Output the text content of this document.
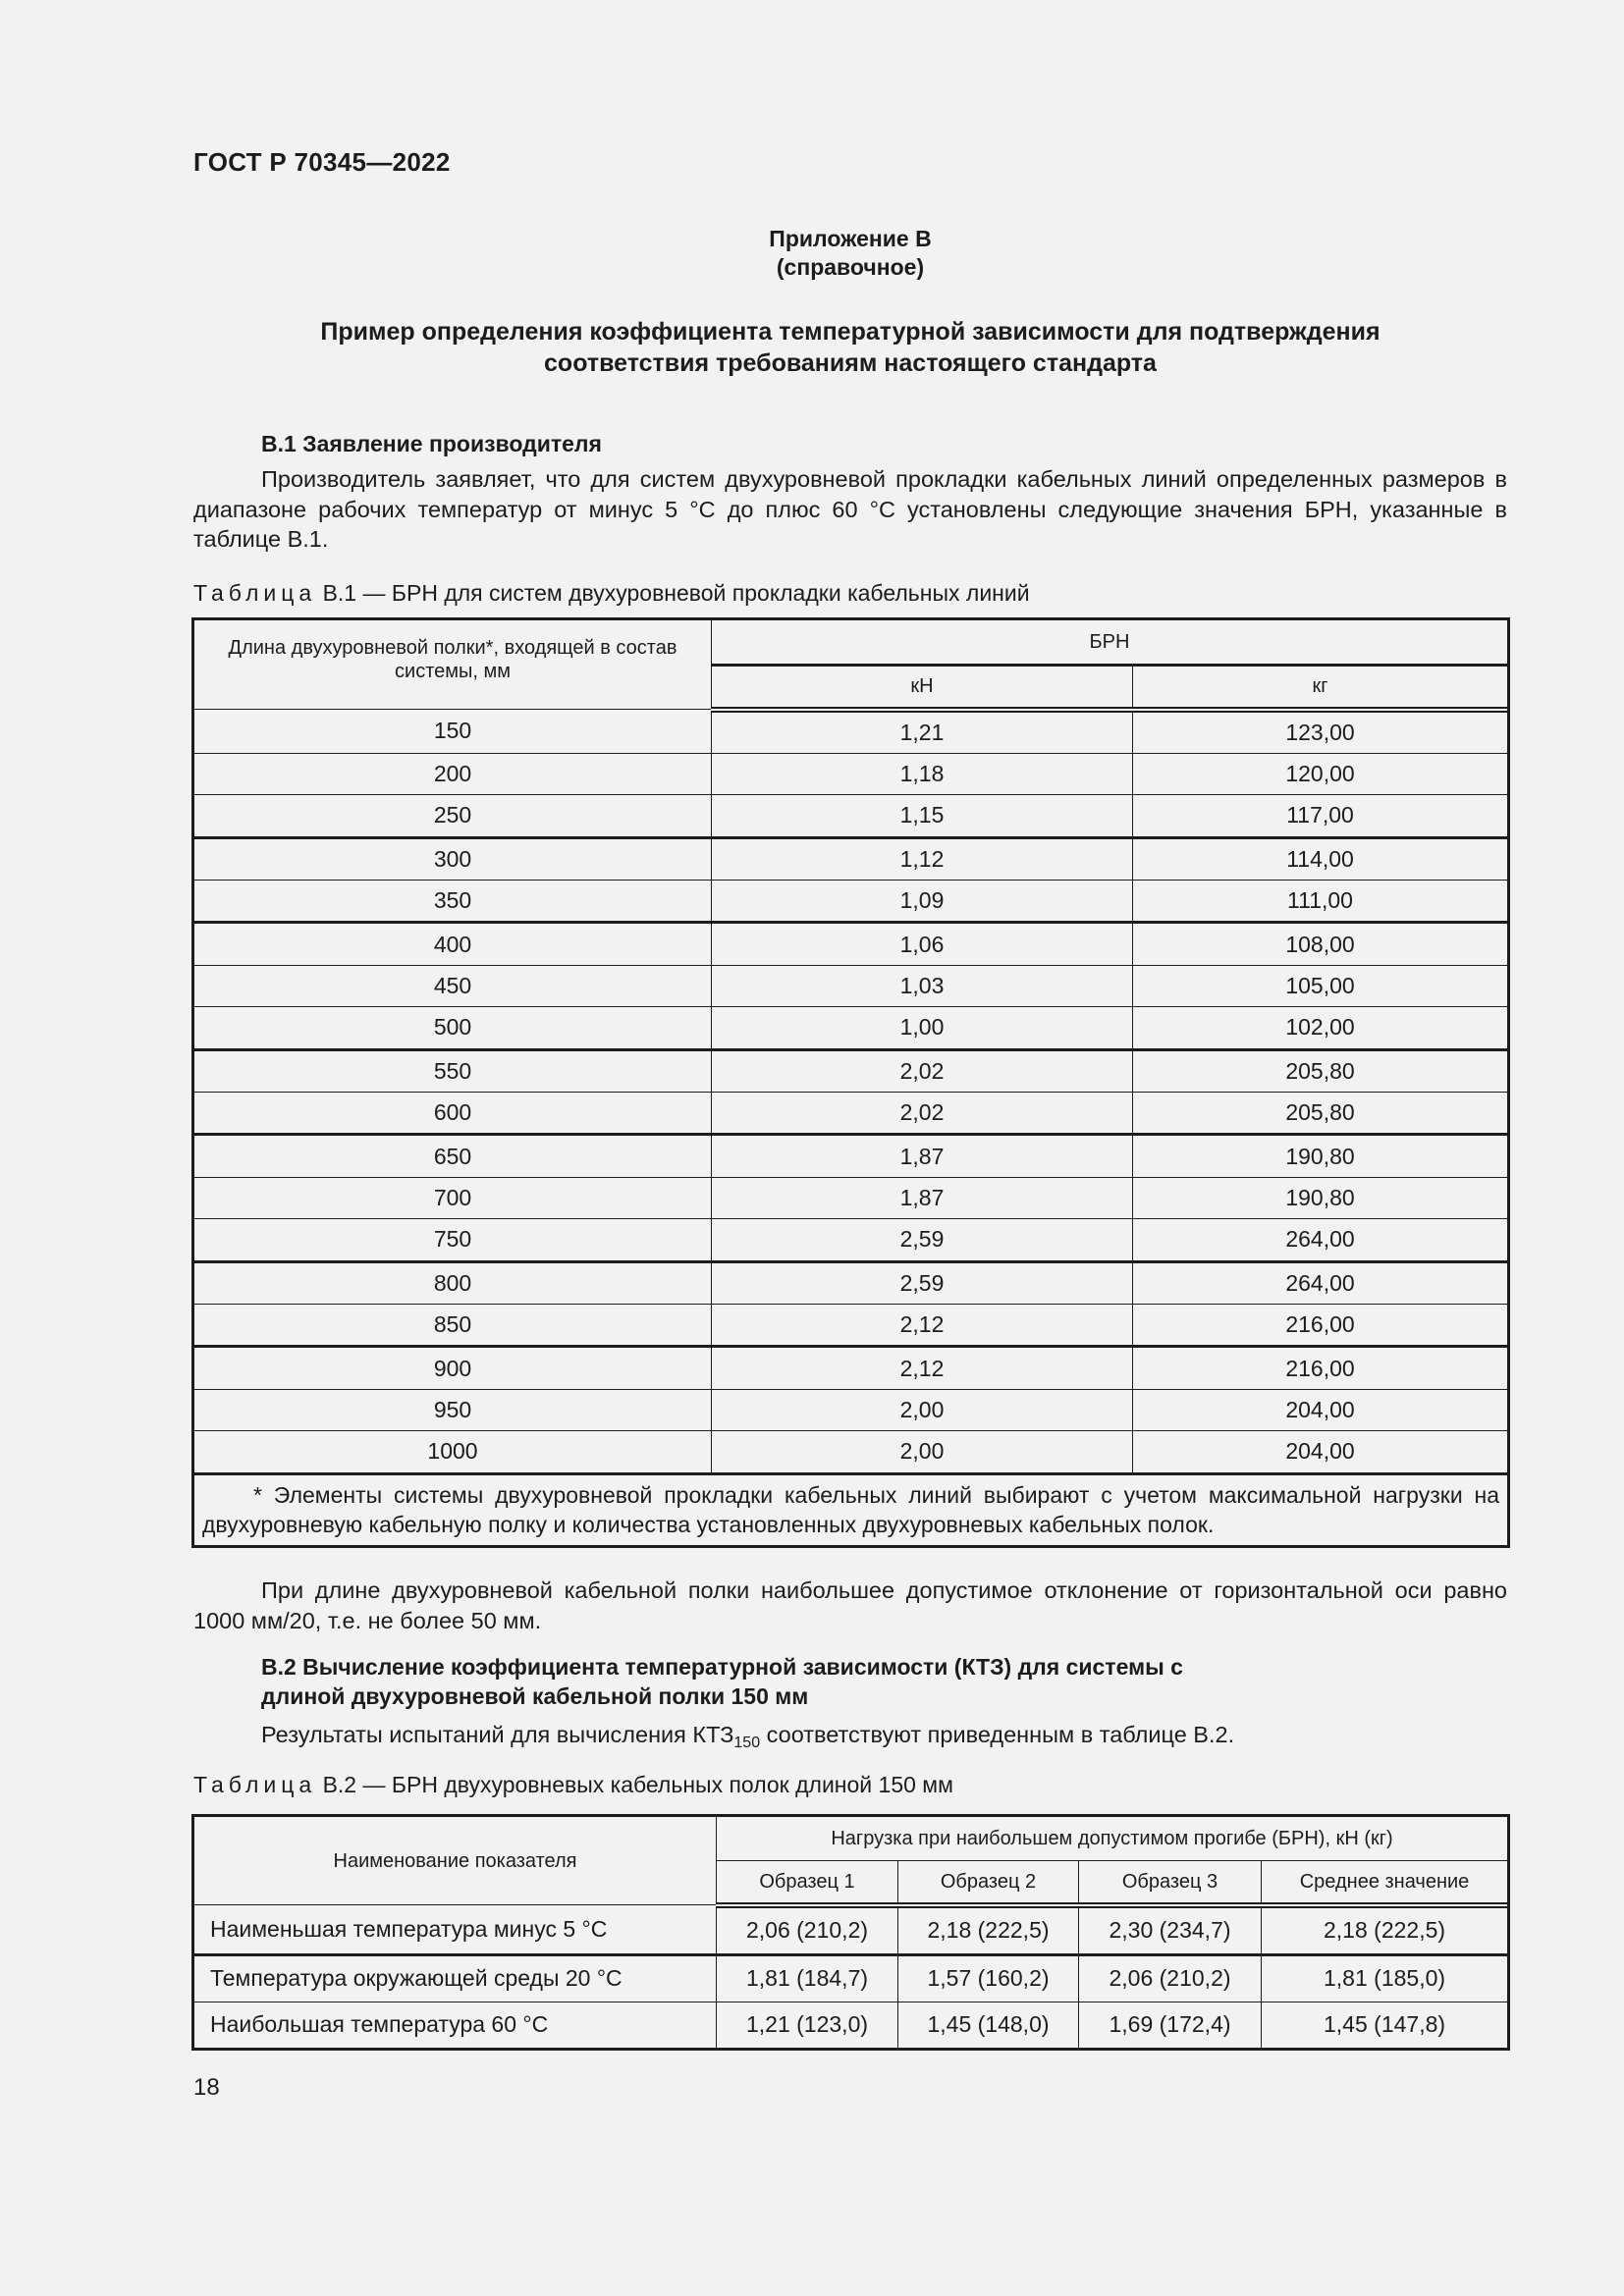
ГОСТ Р 70345—2022
Приложение В
(справочное)
Пример определения коэффициента температурной зависимости для подтверждения
соответствия требованиям настоящего стандарта
В.1 Заявление производителя
Производитель заявляет, что для систем двухуровневой прокладки кабельных линий определенных размеров в диапазоне рабочих температур от минус 5 °С до плюс 60 °С установлены следующие значения БРН, указанные в таблице В.1.
Таблица В.1 — БРН для систем двухуровневой прокладки кабельных линий
Длина двухуровневой полки*, входящей в состав системы, мм	БРН	
	кН	кг
150	1,21	123,00
200	1,18	120,00
250	1,15	117,00
300	1,12	114,00
350	1,09	111,00
400	1,06	108,00
450	1,03	105,00
500	1,00	102,00
550	2,02	205,80
600	2,02	205,80
650	1,87	190,80
700	1,87	190,80
750	2,59	264,00
800	2,59	264,00
850	2,12	216,00
900	2,12	216,00
950	2,00	204,00
1000	2,00	204,00
* Элементы системы двухуровневой прокладки кабельных линий выбирают с учетом максимальной нагрузки на двухуровневую кабельную полку и количества установленных двухуровневых кабельных полок.		
При длине двухуровневой кабельной полки наибольшее допустимое отклонение от горизонтальной оси равно 1000 мм/20, т.е. не более 50 мм.
В.2 Вычисление коэффициента температурной зависимости (КТЗ) для системы с длиной двухуровневой кабельной полки 150 мм
Результаты испытаний для вычисления $КТЗ_{150}$ соответствуют приведенным в таблице В.2.
Таблица В.2 — БРН двухуровневых кабельных полок длиной 150 мм
Наименование показателя	Нагрузка при наибольшем допустимом прогибе (БРН), кН (кг)			
	Образец 1	Образец 2	Образец 3	Среднее значение
Наименьшая температура минус 5 °С	2,06 (210,2)	2,18 (222,5)	2,30 (234,7)	2,18 (222,5)
Температура окружающей среды 20 °С	1,81 (184,7)	1,57 (160,2)	2,06 (210,2)	1,81 (185,0)
Наибольшая температура 60 °С	1,21 (123,0)	1,45 (148,0)	1,69 (172,4)	1,45 (147,8)
18
